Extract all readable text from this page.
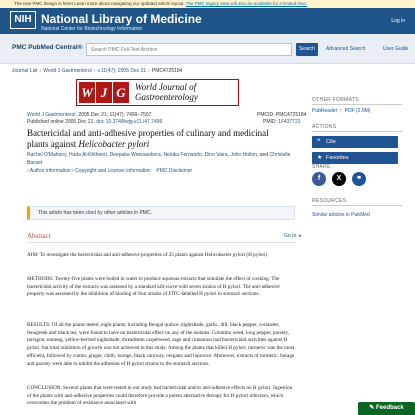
The new PMC design is here! Learn more about navigating our updated article layout. The PMC legacy view will also be available for a limited time.
NIH National Library of Medicine
National Center for Biotechnology Information
Log in
PMC PubMed Central®
Search PMC Full-Text Archive	Search	Advanced Search	User Guide
Journal List › World J Gastroenterol › v.11(47); 2005 Dec 21 › PMC4725184
W J G	World Journal of
Gastroenterology
World J Gastroenterol. 2005 Dec 21; 11(47): 7499–7507.
Published online 2005 Dec 21. doi: 10.3748/wjg.v11.i47.7499
PMCID: PMC4725184
PMID: 16437723
Bactericidal and anti-adhesive properties of culinary and medicinal plants against Helicobacter pylori
Rachel O'Mahony, Huda Al-Khtheeri, Deepaka Weerasekera, Neluka Fernando, Dino Vaira, John Holton, and Christelle Basset
› Author information › Copyright and License information PMC Disclaimer
This article has been cited by other articles in PMC.
Abstract	Go to: ▸
AIM: To investigate the bactericidal and anti-adhesive properties of 25 plants against Helicobacter pylori (H pylori).
METHODS: Twenty-five plants were boiled in water to produce aqueous extracts that simulate the effect of cooking. The bactericidal activity of the extracts was assessed by a standard kill-curve with seven strains of H pylori. The anti-adhesive property was assessed by the inhibition of binding of four strains of FITC-labelled H pylori to stomach sections.
RESULTS: Of all the plants tested, eight plants, including Bengal quince, nightshade, garlic, dill, black pepper, coriander, fenugreek and black tea, were found to have no bactericidal effect on any of the isolates. Columbo weed, long pepper, parsley, tarragon, nutmeg, yellow-berried nightshade, threadstem carpetweed, sage and cinnamon had bactericidal activities against H pylori, but total inhibition of growth was not achieved in this study. Among the plants that killed H pylori, turmeric was the most efficient, followed by cumin, ginger, chilli, borage, black caraway, oregano and liquorice. Moreover, extracts of turmeric, borage and parsley were able to inhibit the adhesion of H pylori strains to the stomach sections.
CONCLUSION: Several plants that were tested in our study had bactericidal and/or anti-adhesive effects on H pylori. Ingestion of the plants with anti-adhesive properties could therefore provide a potent alternative therapy for H pylori infection, which overcomes the problem of resistance associated with
OTHER FORMATS
PubReader | PDF (2.9M)
ACTIONS
❝ Cite
★ Favorites
SHARE
f	X	⚭
RESOURCES
Similar articles in PubMed
✎ Feedback
